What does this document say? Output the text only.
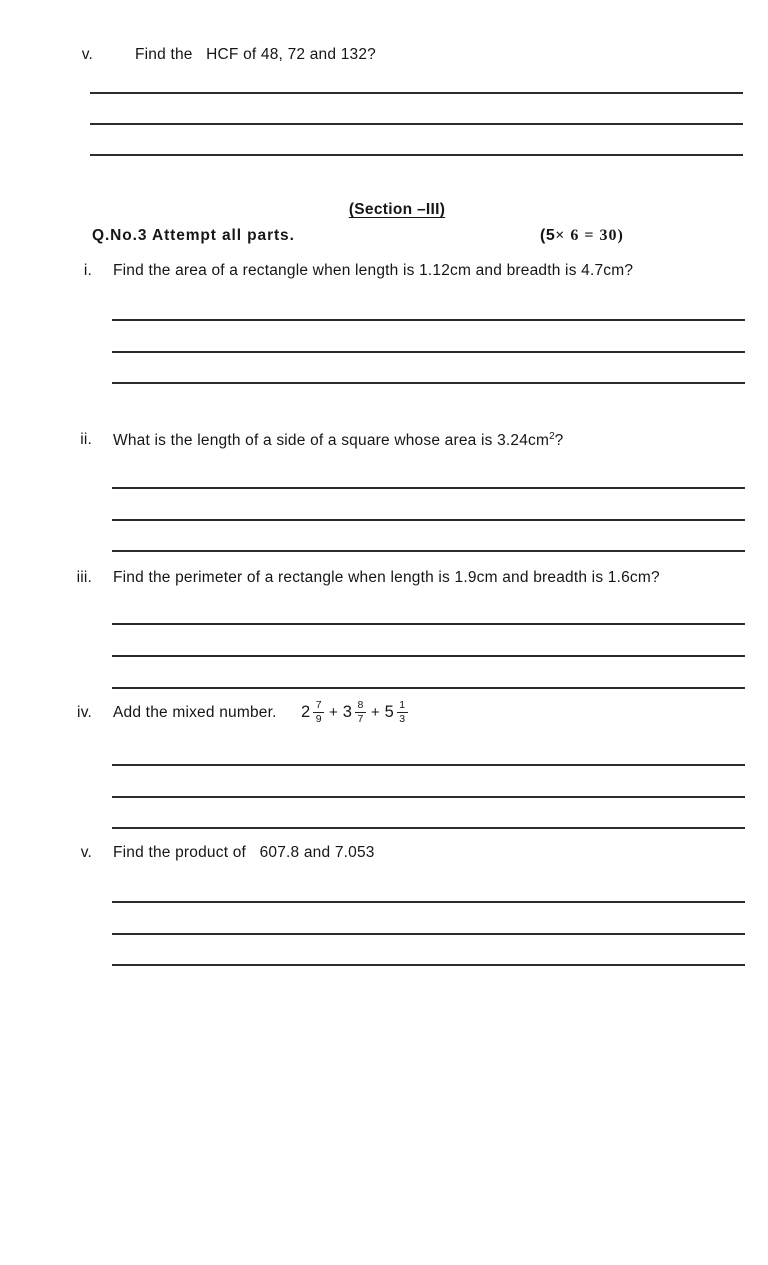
v.	Find the   HCF of 48, 72 and 132?
(Section –III)
Q.No.3 Attempt all parts.	(5× 6 = 30)
i. Find the area of a rectangle when length is 1.12cm and breadth is 4.7cm?
ii. What is the length of a side of a square whose area is $3.24cm^2$?
iii. Find the perimeter of a rectangle when length is 1.9cm and breadth is 1.6cm?
iv. Add the mixed number. $2 \frac{7}{9} + 3 \frac{8}{7} + 5 \frac{1}{3}$
v. Find the product of   607.8 and 7.053
